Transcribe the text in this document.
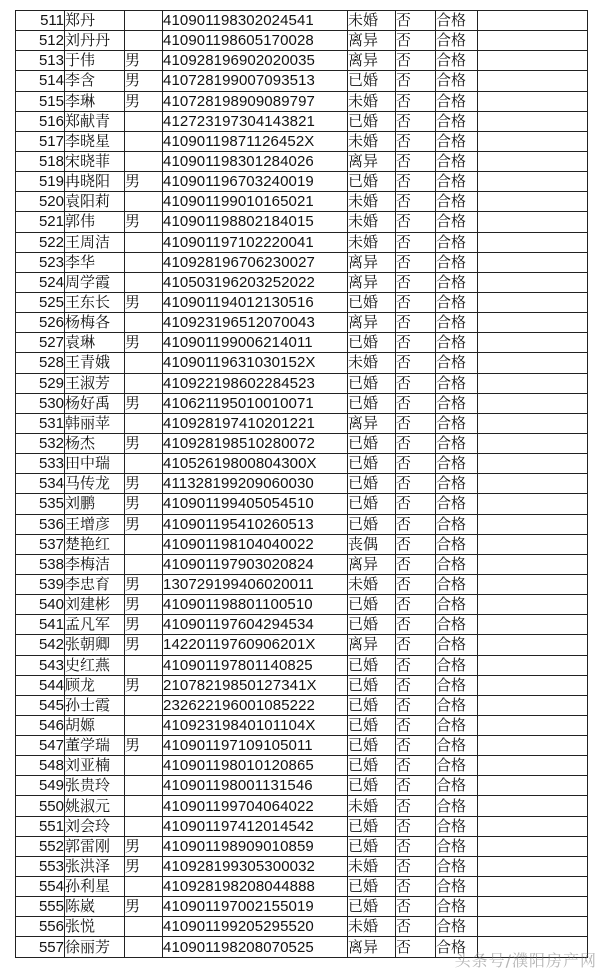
511	郑丹		410901198302024541	未婚	否	合格	
512	刘丹丹		410901198605170028	离异	否	合格	
513	于伟	男	410928196902020035	离异	否	合格	
514	李含	男	410728199007093513	已婚	否	合格	
515	李琳	男	410728198909089797	未婚	否	合格	
516	郑献青		412723197304143821	已婚	否	合格	
517	李晓星		41090119871126452X	未婚	否	合格	
518	宋晓菲		410901198301284026	离异	否	合格	
519	冉晓阳	男	410901196703240019	已婚	否	合格	
520	袁阳莉		410901199010165021	未婚	否	合格	
521	郭伟	男	410901198802184015	未婚	否	合格	
522	王周洁		410901197102220041	未婚	否	合格	
523	李华		410928196706230027	离异	否	合格	
524	周学霞		410503196203252022	离异	否	合格	
525	王东长	男	410901194012130516	已婚	否	合格	
526	杨梅各		410923196512070043	离异	否	合格	
527	袁琳	男	410901199006214011	已婚	否	合格	
528	王青娥		41090119631030152X	未婚	否	合格	
529	王淑芳		410922198602284523	已婚	否	合格	
530	杨好禹	男	410621195010010071	已婚	否	合格	
531	韩丽苹		410928197410201221	离异	否	合格	
532	杨杰	男	410928198510280072	已婚	否	合格	
533	田中瑞		41052619800804300X	已婚	否	合格	
534	马传龙	男	411328199209060030	已婚	否	合格	
535	刘鹏	男	410901199405054510	已婚	否	合格	
536	王增彦	男	410901195410260513	已婚	否	合格	
537	楚艳红		410901198104040022	丧偶	否	合格	
538	李梅洁		410901197903020824	离异	否	合格	
539	李忠育	男	130729199406020011	未婚	否	合格	
540	刘建彬	男	410901198801100510	已婚	否	合格	
541	孟凡军	男	410901197604294534	已婚	否	合格	
542	张朝卿	男	14220119760906201X	离异	否	合格	
543	史红燕		410901197801140825	已婚	否	合格	
544	顾龙	男	21078219850127341X	已婚	否	合格	
545	孙士霞		232622196001085222	已婚	否	合格	
546	胡嫄		41092319840101104X	已婚	否	合格	
547	董学瑞	男	410901197109105011	已婚	否	合格	
548	刘亚楠		410901198010120865	已婚	否	合格	
549	张贵玲		410901198001131546	已婚	否	合格	
550	姚淑元		410901199704064022	未婚	否	合格	
551	刘会玲		410901197412014542	已婚	否	合格	
552	郭雷刚	男	410901198909010859	已婚	否	合格	
553	张洪泽	男	410928199305300032	未婚	否	合格	
554	孙利星		410928198208044888	已婚	否	合格	
555	陈崴	男	410901197002155019	已婚	否	合格	
556	张悦		410901199205295520	未婚	否	合格	
557	徐丽芳		410901198208070525	离异	否	合格	
头条号/濮阳房产网
